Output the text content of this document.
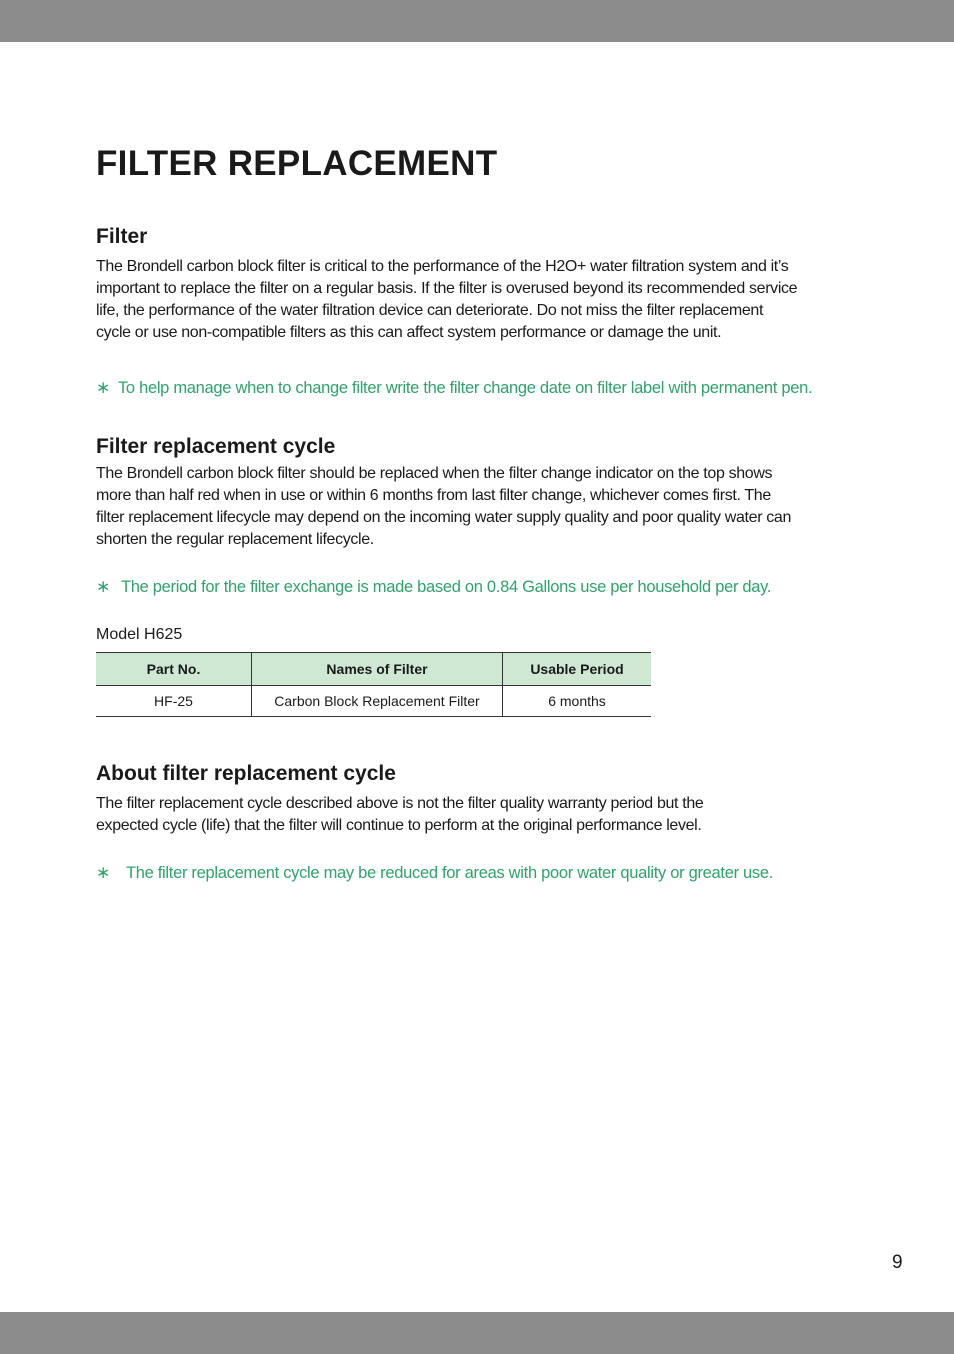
FILTER REPLACEMENT
Filter
The Brondell carbon block filter is critical to the performance of the H2O+ water filtration system and it’s
important to replace the filter on a regular basis. If the filter is overused beyond its recommended service
life, the performance of the water filtration device can deteriorate. Do not miss the filter replacement
cycle or use non-compatible filters as this can affect system performance or damage the unit.
∗ To help manage when to change filter write the filter change date on filter label with permanent pen.
Filter replacement cycle
The Brondell carbon block filter should be replaced when the filter change indicator on the top shows
more than half red when in use or within 6 months from last filter change, whichever comes first. The
filter replacement lifecycle may depend on the incoming water supply quality and poor quality water can
shorten the regular replacement lifecycle.
∗ The period for the filter exchange is made based on 0.84 Gallons use per household per day.
Model H625
Part No.	Names of Filter	Usable Period
HF-25	Carbon Block Replacement Filter	6 months
About filter replacement cycle
The filter replacement cycle described above is not the filter quality warranty period but the
expected cycle (life) that the filter will continue to perform at the original performance level.
∗ The filter replacement cycle may be reduced for areas with poor water quality or greater use.
9
